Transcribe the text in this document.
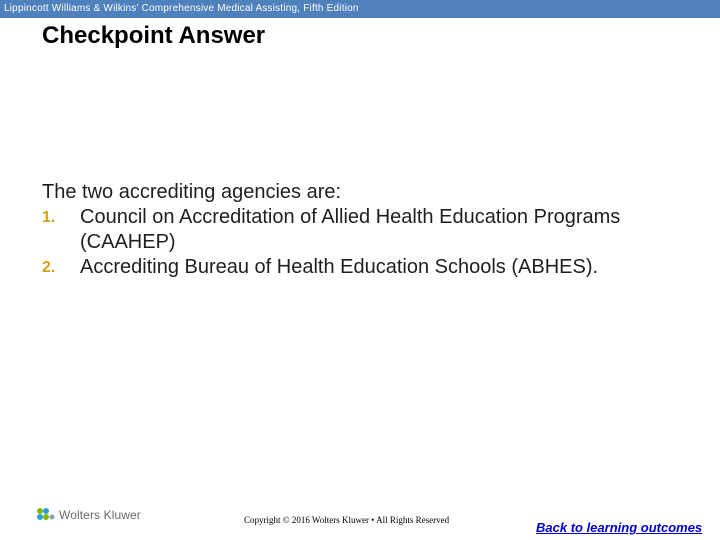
Lippincott Williams & Wilkins' Comprehensive Medical Assisting, Fifth Edition
Checkpoint Answer
The two accrediting agencies are:
1. Council on Accreditation of Allied Health Education Programs (CAAHEP)
2. Accrediting Bureau of Health Education Schools (ABHES).
Wolters Kluwer	Copyright © 2016 Wolters Kluwer • All Rights Reserved	Back to learning outcomes
